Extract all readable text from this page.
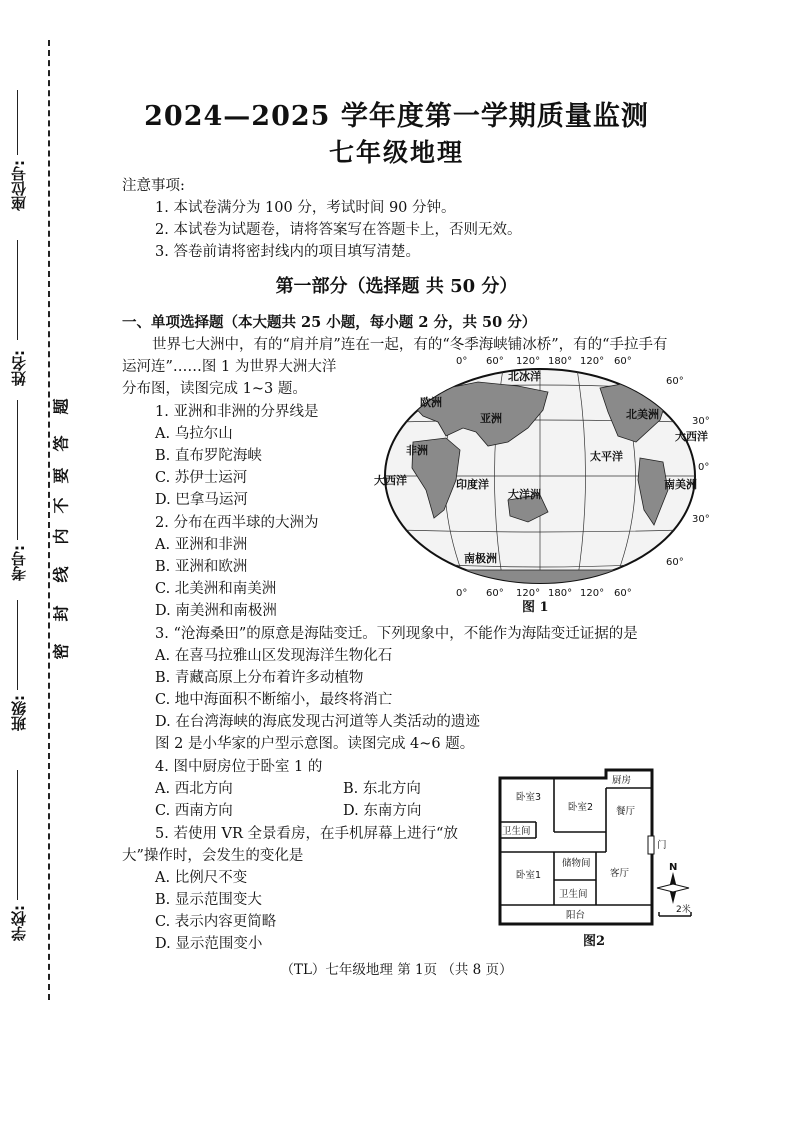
学校:
班级:
考号:
姓名:
座位号:
密
封
线
内
不
要
答
题
2024—2025 学年度第一学期质量监测
七年级地理
注意事项:
1. 本试卷满分为 100 分，考试时间 90 分钟。
2. 本试卷为试题卷，请将答案写在答题卡上，否则无效。
3. 答卷前请将密封线内的项目填写清楚。
第一部分（选择题 共 50 分）
一、单项选择题（本大题共 25 小题，每小题 2 分，共 50 分）
世界七大洲中，有的“肩并肩”连在一起，有的“冬季海峡铺冰桥”，有的“手拉手有
运河连”……图 1 为世界大洲大洋
分布图，读图完成 1~3 题。
1. 亚洲和非洲的分界线是
A. 乌拉尔山
B. 直布罗陀海峡
C. 苏伊士运河
D. 巴拿马运河
2. 分布在西半球的大洲为
A. 亚洲和非洲
B. 亚洲和欧洲
C. 北美洲和南美洲
D. 南美洲和南极洲
3. “沧海桑田”的原意是海陆变迁。下列现象中，不能作为海陆变迁证据的是
A. 在喜马拉雅山区发现海洋生物化石
B. 青藏高原上分布着许多动植物
C. 地中海面积不断缩小，最终将消亡
D. 在台湾海峡的海底发现古河道等人类活动的遗迹
图 2 是小华家的户型示意图。读图完成 4~6 题。
4. 图中厨房位于卧室 1 的
A. 西北方向	B. 东北方向
C. 西南方向	D. 东南方向
5. 若使用 VR 全景看房，在手机屏幕上进行“放
大”操作时，会发生的变化是
A. 比例尺不变
B. 显示范围变大
C. 表示内容更简略
D. 显示范围变小
北冰洋
欧洲
亚洲	北美洲
非洲	太平洋
大西洋
大西洋	印度洋
大洋洲
南美洲
南极洲
0° 60° 120° 180° 120° 60°
0° 60° 120° 180° 120° 60°
60°
30°
0°
30°
60°
图 1
厨房
卧室3
卧室2 餐厅
卫生间
储物间
门
卧室1	客厅
卫生间
阳台
N
2米
图2
（TL）七年级地理 第 1页 （共 8 页）
